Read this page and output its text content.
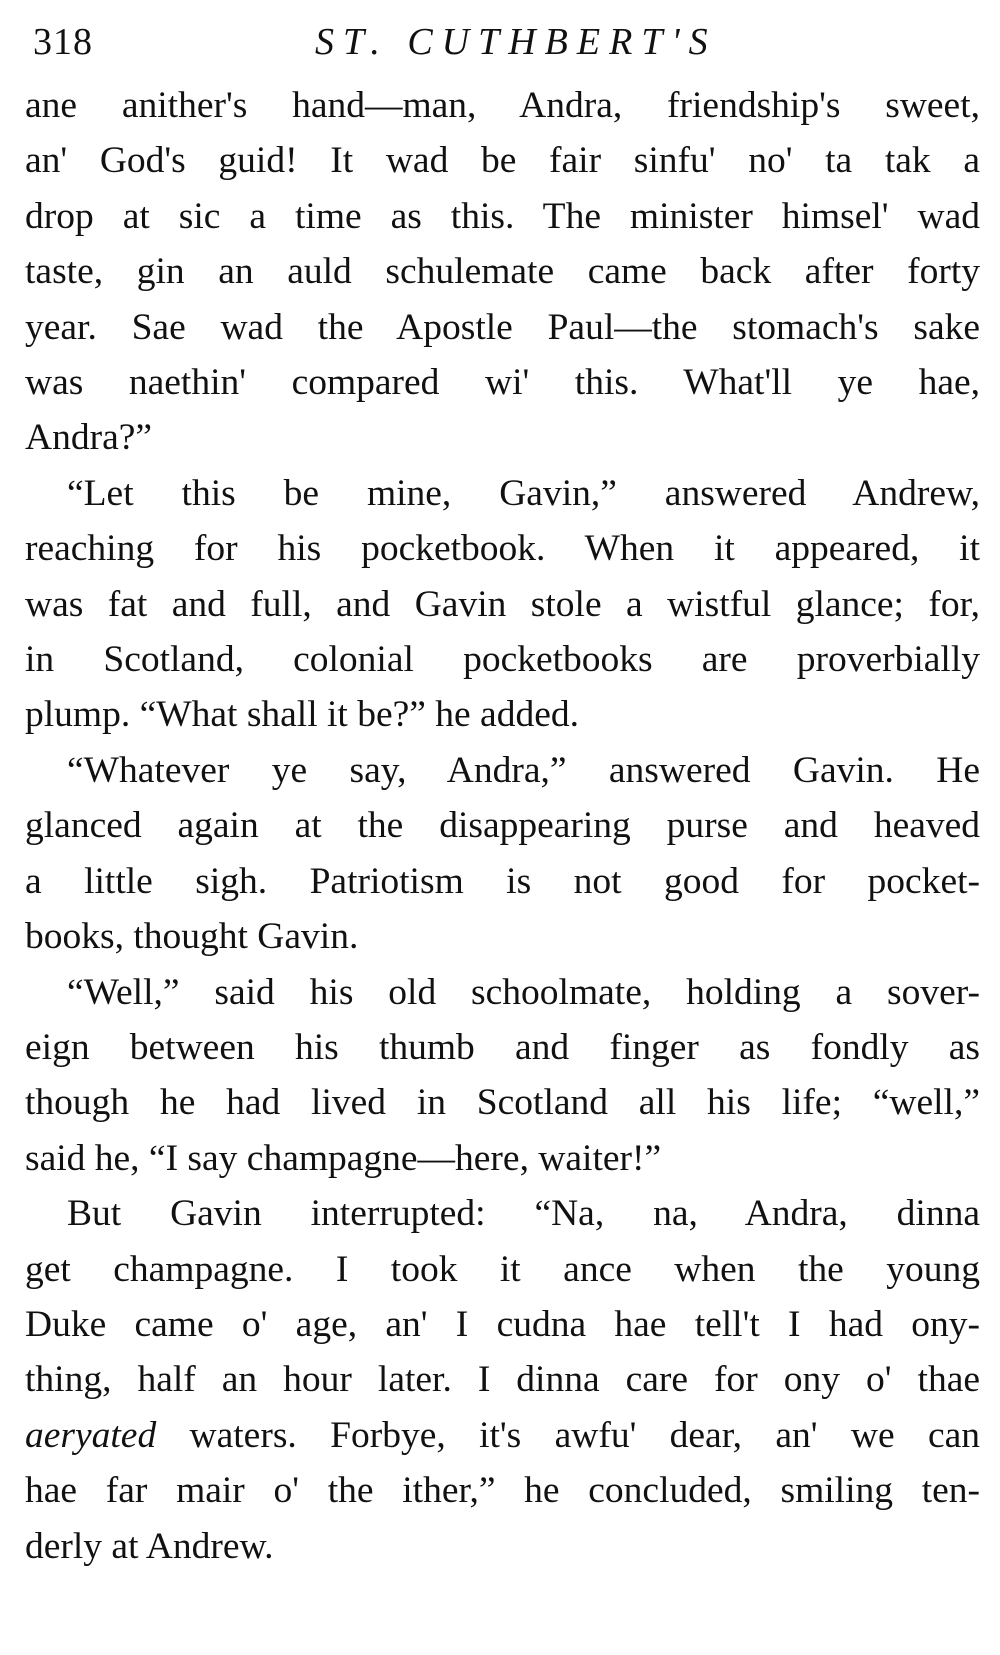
318	ST. CUTHBERT'S

ane anither's hand—man, Andra, friendship's sweet,
an' God's guid! It wad be fair sinfu' no' ta tak a
drop at sic a time as this. The minister himsel' wad
taste, gin an auld schulemate came back after forty
year. Sae wad the Apostle Paul—the stomach's sake
was naethin' compared wi' this. What'll ye hae,
Andra?”

“Let this be mine, Gavin,” answered Andrew,
reaching for his pocketbook. When it appeared, it
was fat and full, and Gavin stole a wistful glance; for,
in Scotland, colonial pocketbooks are proverbially
plump. “What shall it be?” he added.

“Whatever ye say, Andra,” answered Gavin. He
glanced again at the disappearing purse and heaved
a little sigh. Patriotism is not good for pocket-
books, thought Gavin.

“Well,” said his old schoolmate, holding a sover-
eign between his thumb and finger as fondly as
though he had lived in Scotland all his life; “well,”
said he, “I say champagne—here, waiter!”

But Gavin interrupted: “Na, na, Andra, dinna
get champagne. I took it ance when the young
Duke came o' age, an' I cudna hae tell't I had ony-
thing, half an hour later. I dinna care for ony o' thae
aeryated waters. Forbye, it's awfu' dear, an' we can
hae far mair o' the ither,” he concluded, smiling ten-
derly at Andrew.
